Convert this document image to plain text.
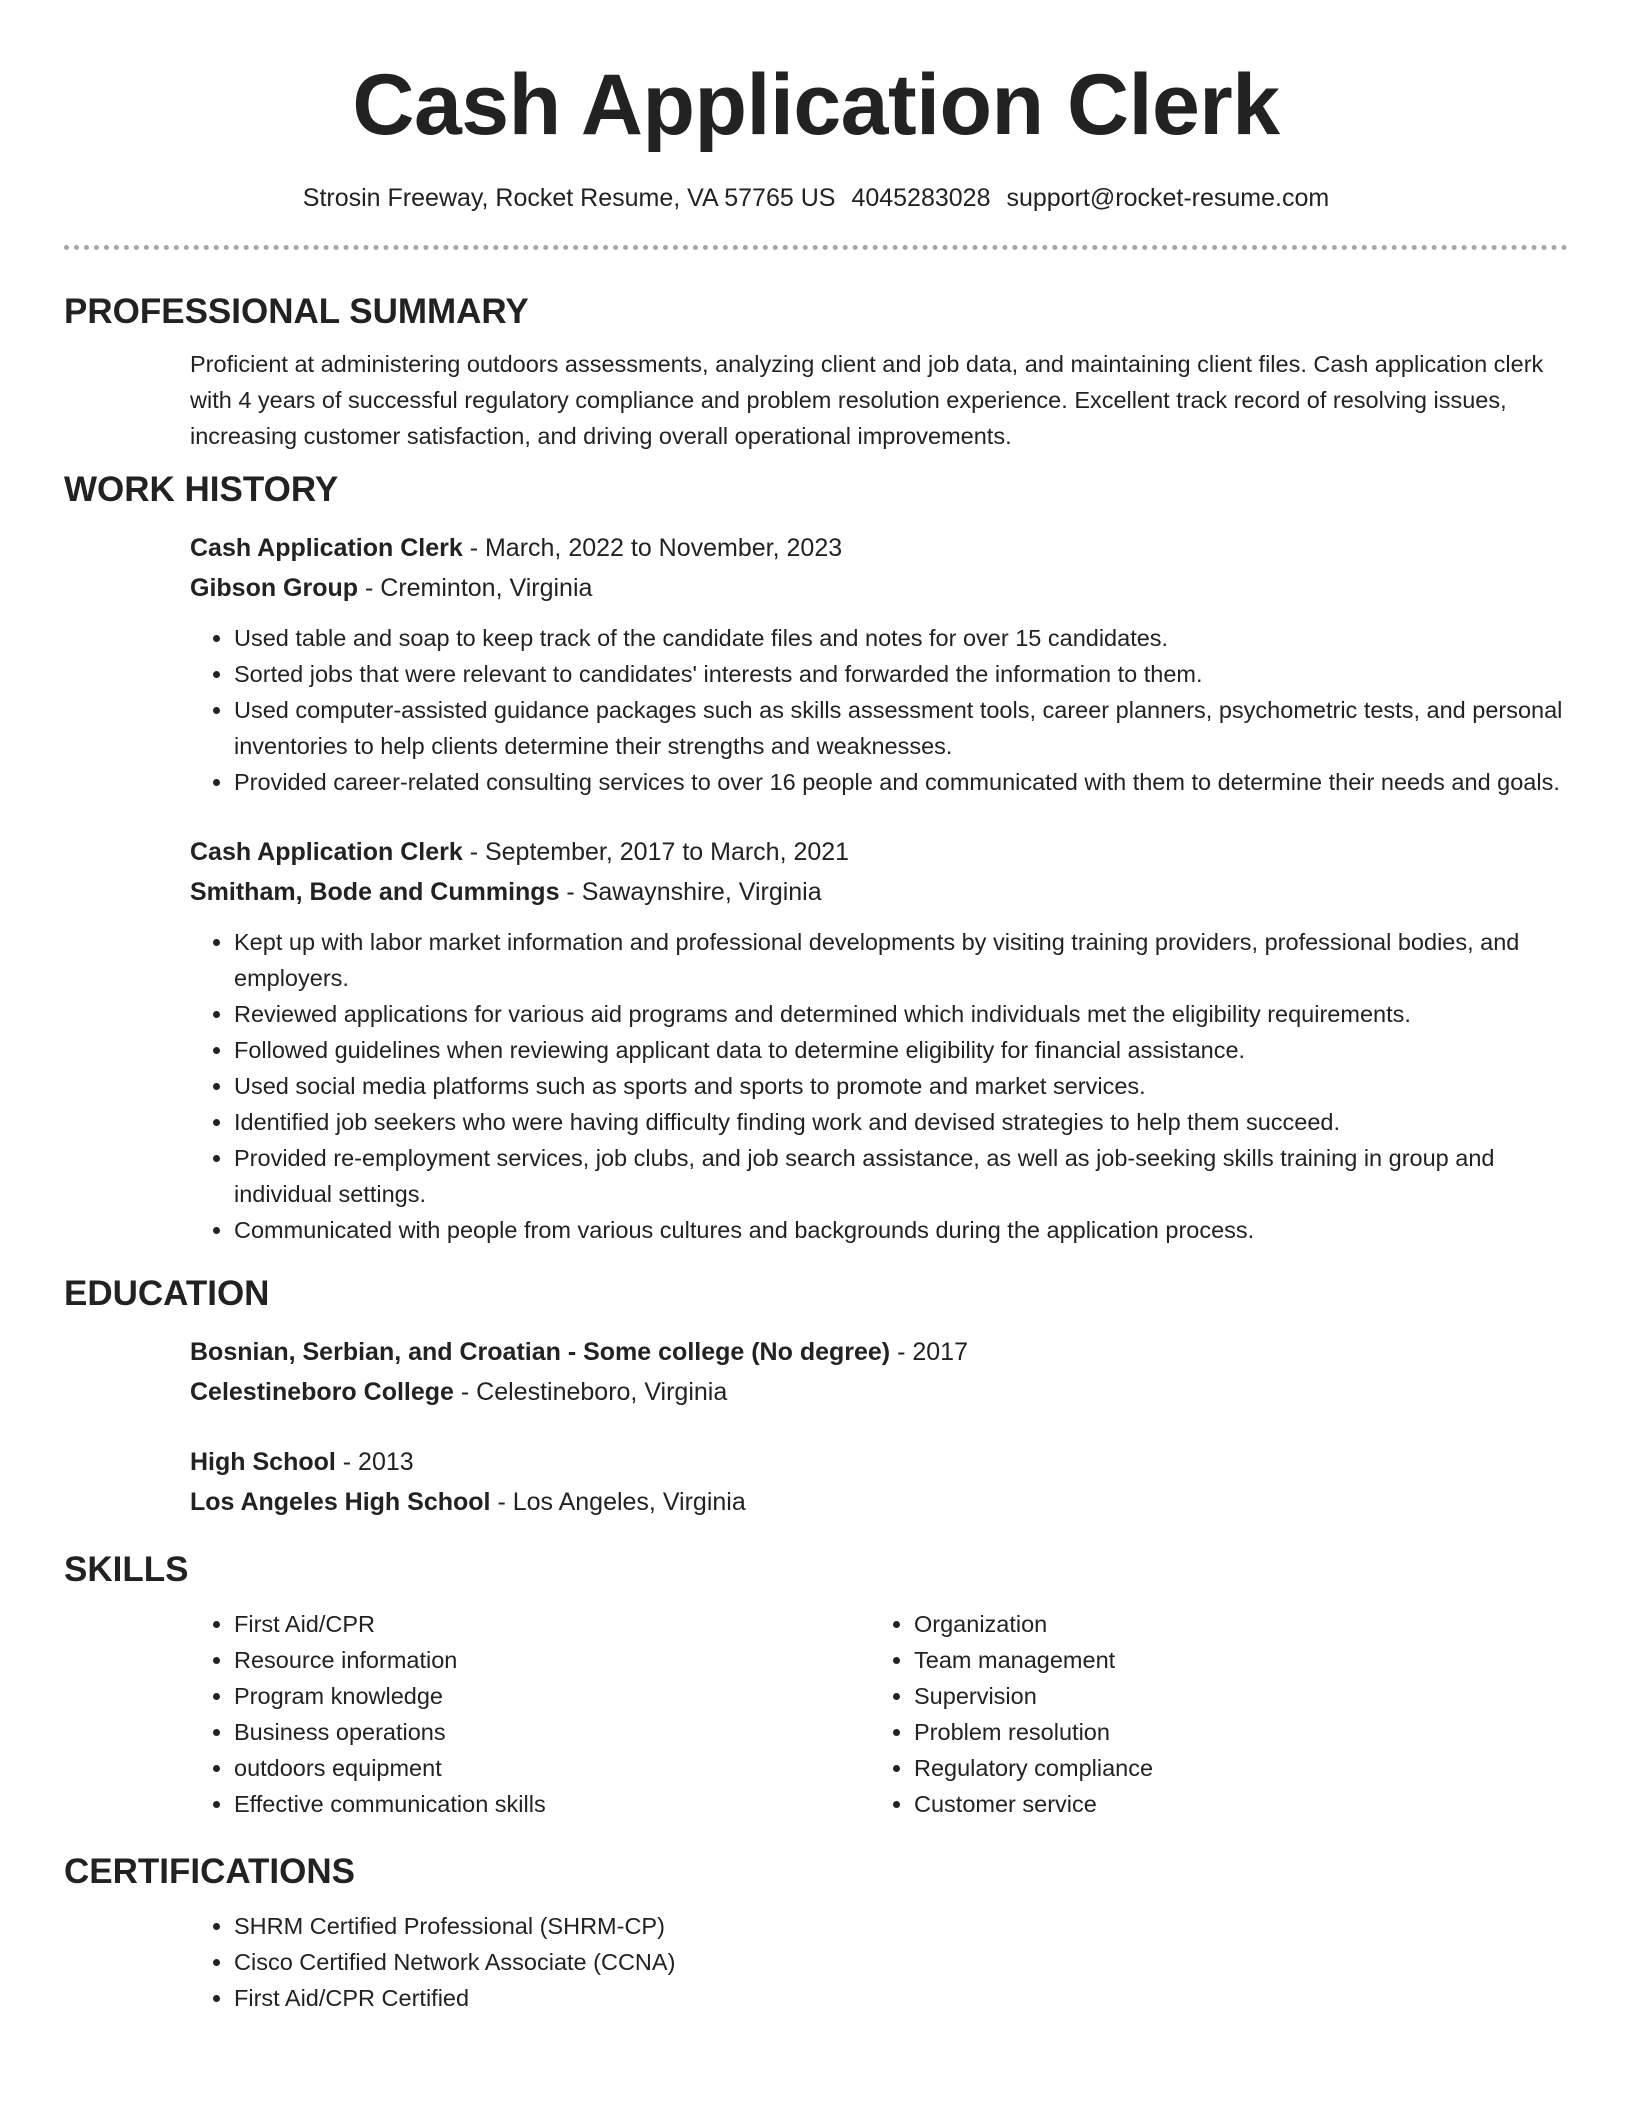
Cash Application Clerk
Strosin Freeway, Rocket Resume, VA 57765 US 4045283028 support@rocket-resume.com
PROFESSIONAL SUMMARY

Proficient at administering outdoors assessments, analyzing client and job data, and maintaining client files. Cash application clerk with 4 years of successful regulatory compliance and problem resolution experience. Excellent track record of resolving issues, increasing customer satisfaction, and driving overall operational improvements.

WORK HISTORY
Cash Application Clerk - March, 2022 to November, 2023
Gibson Group - Creminton, Virginia
• Used table and soap to keep track of the candidate files and notes for over 15 candidates.
• Sorted jobs that were relevant to candidates' interests and forwarded the information to them.
• Used computer-assisted guidance packages such as skills assessment tools, career planners, psychometric tests, and personal inventories to help clients determine their strengths and weaknesses.
• Provided career-related consulting services to over 16 people and communicated with them to determine their needs and goals.
Cash Application Clerk - September, 2017 to March, 2021
Smitham, Bode and Cummings - Sawaynshire, Virginia
• Kept up with labor market information and professional developments by visiting training providers, professional bodies, and employers.
• Reviewed applications for various aid programs and determined which individuals met the eligibility requirements.
• Followed guidelines when reviewing applicant data to determine eligibility for financial assistance.
• Used social media platforms such as sports and sports to promote and market services.
• Identified job seekers who were having difficulty finding work and devised strategies to help them succeed.
• Provided re-employment services, job clubs, and job search assistance, as well as job-seeking skills training in group and individual settings.
• Communicated with people from various cultures and backgrounds during the application process.
EDUCATION
Bosnian, Serbian, and Croatian - Some college (No degree) - 2017
Celestineboro College - Celestineboro, Virginia
High School - 2013
Los Angeles High School - Los Angeles, Virginia
SKILLS
• First Aid/CPR
• Resource information
• Program knowledge
• Business operations
• outdoors equipment
• Effective communication skills
• Organization
• Team management
• Supervision
• Problem resolution
• Regulatory compliance
• Customer service
CERTIFICATIONS
• SHRM Certified Professional (SHRM-CP)
• Cisco Certified Network Associate (CCNA)
• First Aid/CPR Certified
